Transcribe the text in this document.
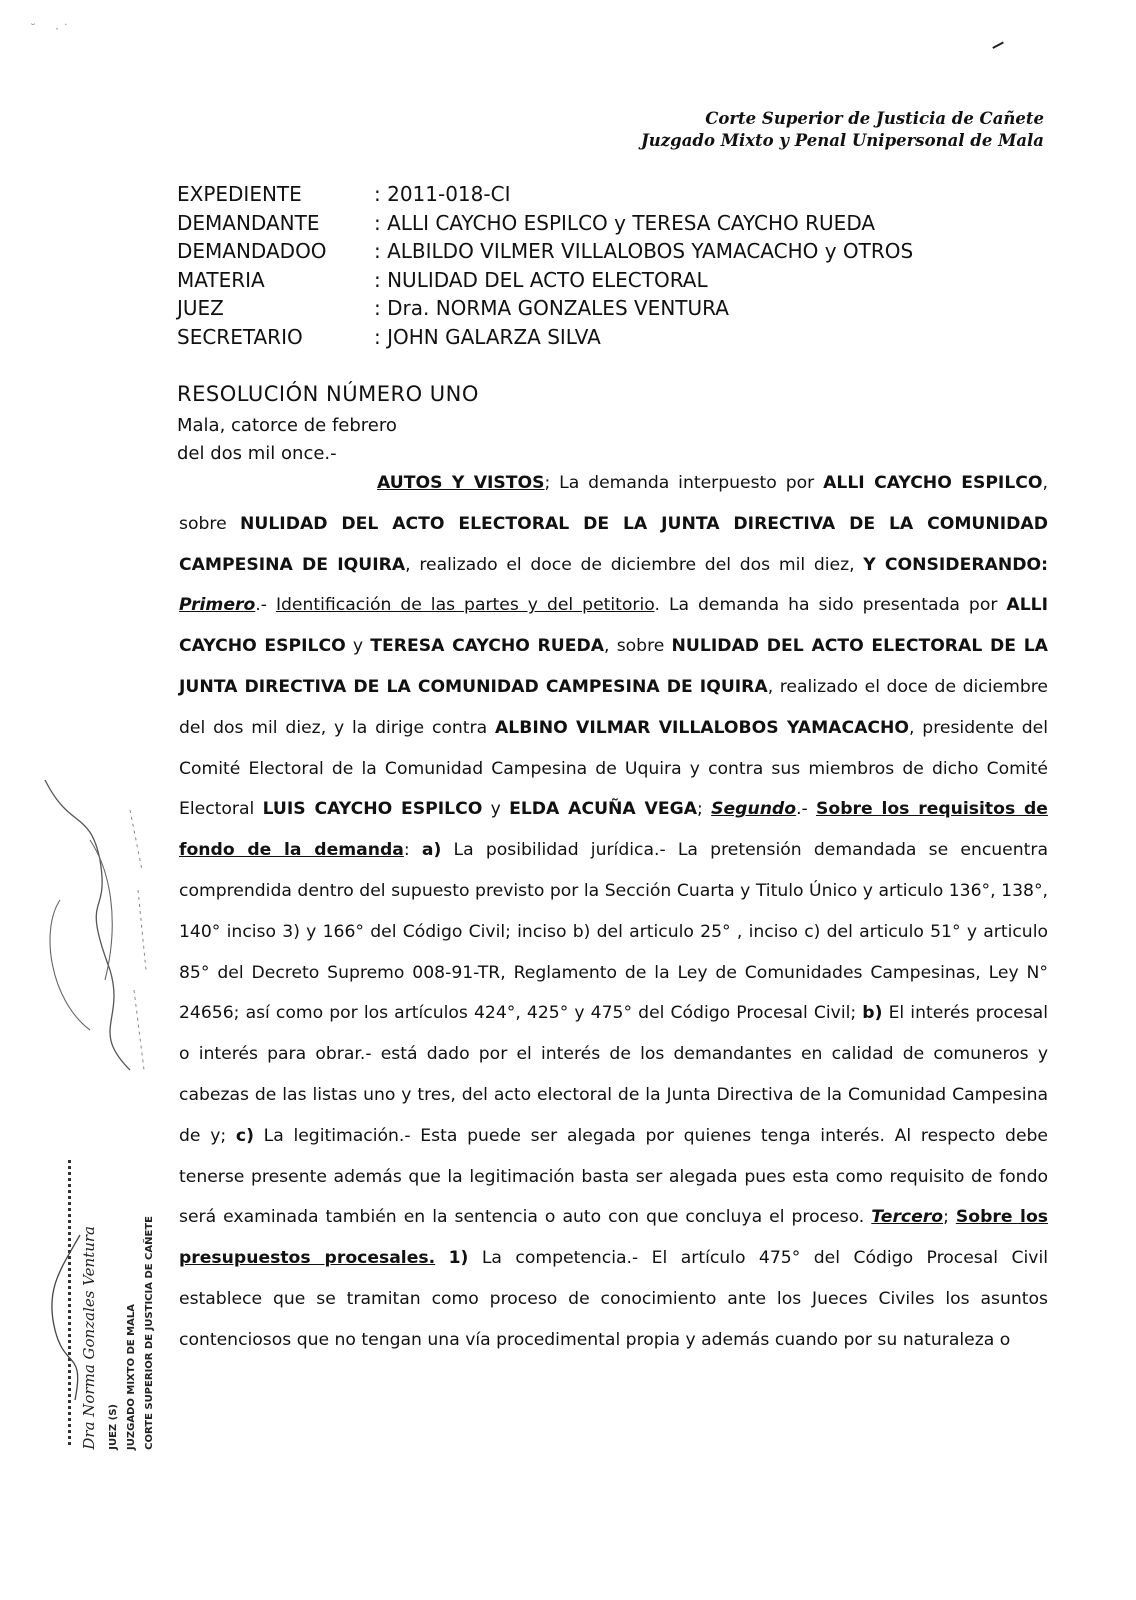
˘     · ˙
Corte Superior de Justicia de Cañete
Juzgado Mixto y Penal Unipersonal de Mala
EXPEDIENTE	: 2011-018-CI
DEMANDANTE	: ALLI CAYCHO ESPILCO y TERESA CAYCHO RUEDA
DEMANDADOO	: ALBILDO VILMER VILLALOBOS YAMACACHO y OTROS
MATERIA	: NULIDAD DEL ACTO ELECTORAL
JUEZ	: Dra. NORMA GONZALES VENTURA
SECRETARIO	: JOHN GALARZA SILVA
RESOLUCIÓN NÚMERO UNO
Mala, catorce de febrero
del dos mil once.-
AUTOS Y VISTOS; La demanda interpuesto por ALLI CAYCHO ESPILCO, sobre NULIDAD DEL ACTO ELECTORAL DE LA JUNTA DIRECTIVA DE LA COMUNIDAD CAMPESINA DE IQUIRA, realizado el doce de diciembre del dos mil diez, Y CONSIDERANDO: Primero.- Identificación de las partes y del petitorio. La demanda ha sido presentada por ALLI CAYCHO ESPILCO y TERESA CAYCHO RUEDA, sobre NULIDAD DEL ACTO ELECTORAL DE LA JUNTA DIRECTIVA DE LA COMUNIDAD CAMPESINA DE IQUIRA, realizado el doce de diciembre del dos mil diez, y la dirige contra ALBINO VILMAR VILLALOBOS YAMACACHO, presidente del Comité Electoral de la Comunidad Campesina de Uquira y contra sus miembros de dicho Comité Electoral LUIS CAYCHO ESPILCO y ELDA ACUÑA VEGA; Segundo.- Sobre los requisitos de fondo de la demanda: a) La posibilidad jurídica.- La pretensión demandada se encuentra comprendida dentro del supuesto previsto por la Sección Cuarta y Titulo Único y articulo 136°, 138°, 140° inciso 3) y 166° del Código Civil; inciso b) del articulo 25° , inciso c) del articulo 51° y articulo 85° del Decreto Supremo 008-91-TR, Reglamento de la Ley de Comunidades Campesinas, Ley N° 24656; así como por los artículos 424°, 425° y 475° del Código Procesal Civil; b) El interés procesal o interés para obrar.- está dado por el interés de los demandantes en calidad de comuneros y cabezas de las listas uno y tres, del acto electoral de la Junta Directiva de la Comunidad Campesina de y; c) La legitimación.- Esta puede ser alegada por quienes tenga interés. Al respecto debe tenerse presente además que la legitimación basta ser alegada pues esta como requisito de fondo será examinada también en la sentencia o auto con que concluya el proceso. Tercero; Sobre los presupuestos procesales. 1) La competencia.- El artículo 475° del Código Procesal Civil establece que se tramitan como proceso de conocimiento ante los Jueces Civiles los asuntos contenciosos que no tengan una vía procedimental propia y además cuando por su naturaleza o
Dra Norma Gonzales Ventura JUEZ (S) JUZGADO MIXTO DE MALA CORTE SUPERIOR DE JUSTICIA DE CAÑETE
